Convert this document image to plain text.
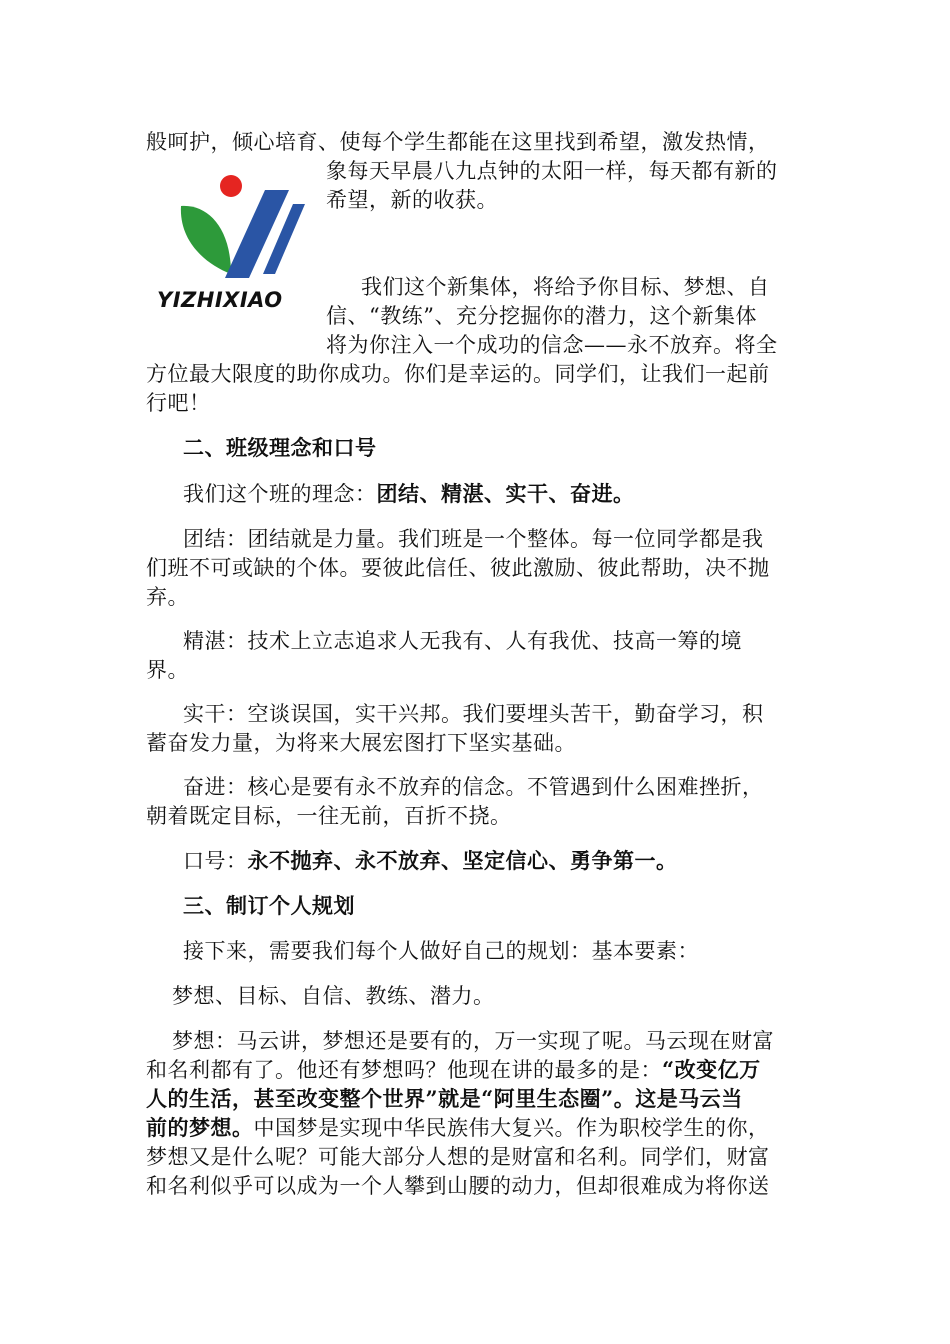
般呵护，倾心培育、使每个学生都能在这里找到希望，激发热情，
象每天早晨八九点钟的太阳一样，每天都有新的
希望，新的收获。
YIZHIXIAO
我们这个新集体，将给予你目标、梦想、自
信、“教练”、充分挖掘你的潜力，这个新集体
将为你注入一个成功的信念——永不放弃。将全
方位最大限度的助你成功。你们是幸运的。同学们，让我们一起前
行吧！
二、班级理念和口号
我们这个班的理念：团结、精湛、实干、奋进。
团结：团结就是力量。我们班是一个整体。每一位同学都是我
们班不可或缺的个体。要彼此信任、彼此激励、彼此帮助，决不抛
弃。
精湛：技术上立志追求人无我有、人有我优、技高一筹的境
界。
实干：空谈误国，实干兴邦。我们要埋头苦干，勤奋学习，积
蓄奋发力量，为将来大展宏图打下坚实基础。
奋进：核心是要有永不放弃的信念。不管遇到什么困难挫折，
朝着既定目标，一往无前，百折不挠。
口号：永不抛弃、永不放弃、坚定信心、勇争第一。
三、制订个人规划
接下来，需要我们每个人做好自己的规划：基本要素：
梦想、目标、自信、教练、潜力。
梦想：马云讲，梦想还是要有的，万一实现了呢。马云现在财富
和名利都有了。他还有梦想吗？他现在讲的最多的是：“改变亿万
人的生活，甚至改变整个世界”就是“阿里生态圈”。这是马云当
前的梦想。中国梦是实现中华民族伟大复兴。作为职校学生的你，
梦想又是什么呢？可能大部分人想的是财富和名利。同学们，财富
和名利似乎可以成为一个人攀到山腰的动力，但却很难成为将你送
